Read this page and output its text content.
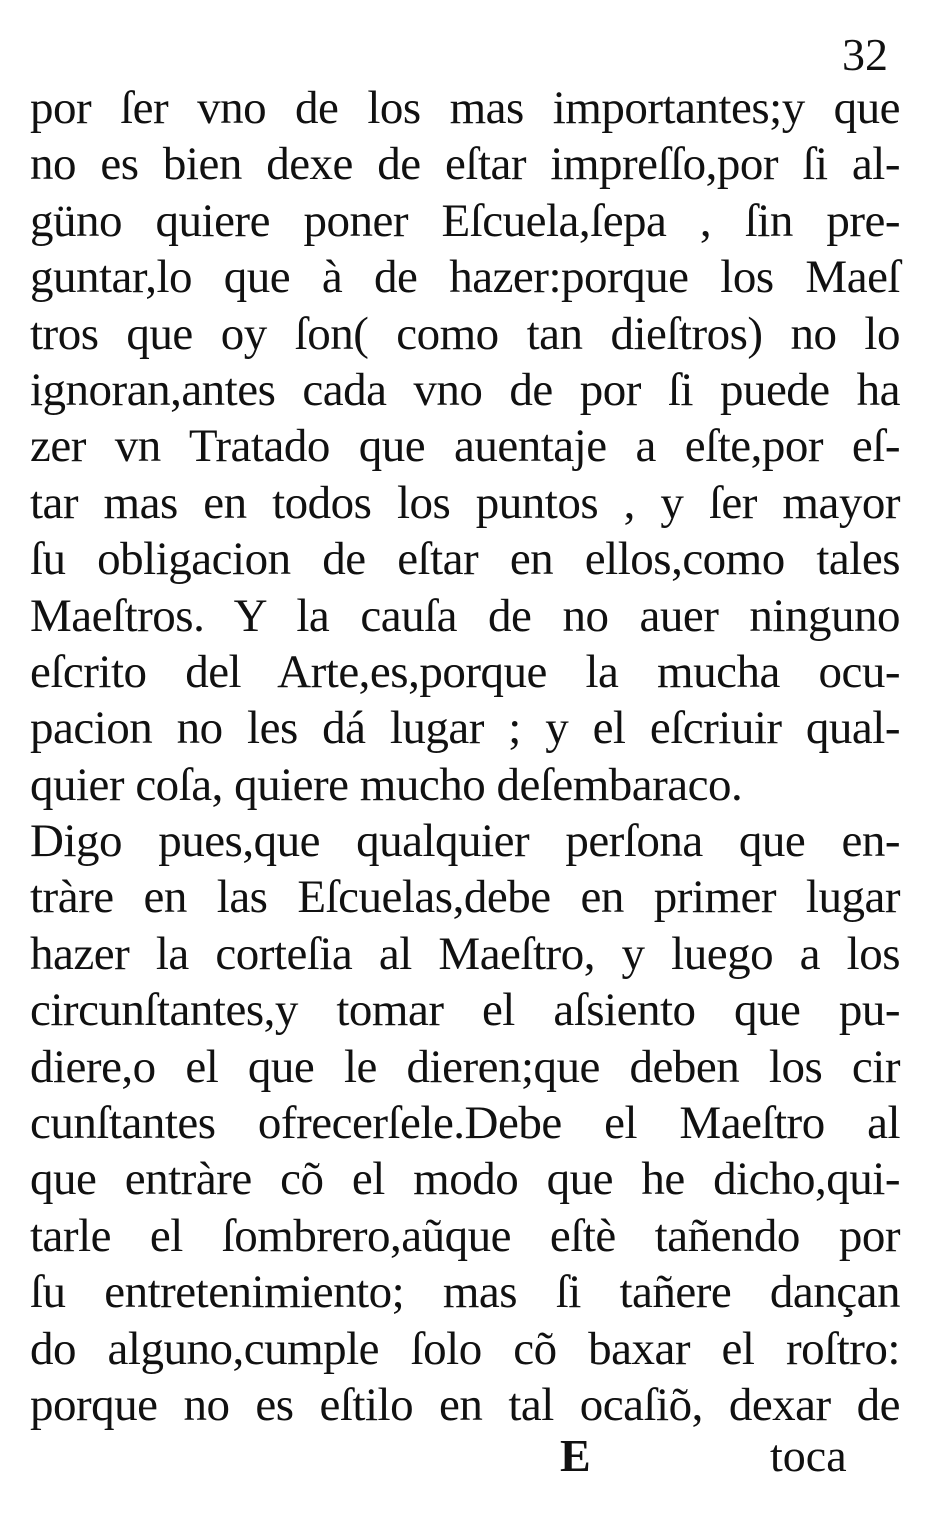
32
por ſer vno de los mas importantes;y que
no es bien dexe de eſtar impreſſo,por ſi al-
güno quiere poner Eſcuela,ſepa , ſin pre-
guntar,lo que à de hazer:porque los Maeſ
tros que oy ſon( como tan dieſtros) no lo
ignoran,antes cada vno de por ſi puede ha
zer vn Tratado que auentaje a eſte,por eſ-
tar mas en todos los puntos , y ſer mayor
ſu obligacion de eſtar en ellos,como tales
Maeſtros. Y la cauſa de no auer ninguno
eſcrito del Arte,es,porque la mucha ocu-
pacion no les dá lugar ; y el eſcriuir qual-
quier coſa, quiere mucho deſembaraco.
Digo pues,que qualquier perſona que en-
tràre en las Eſcuelas,debe en primer lugar
hazer la corteſia al Maeſtro, y luego a los
circunſtantes,y tomar el aſsiento que pu-
diere,o el que le dieren;que deben los cir
cunſtantes ofrecerſele.Debe el Maeſtro al
que entràre cõ el modo que he dicho,qui-
tarle el ſombrero,aũque eſtè tañendo por
ſu entretenimiento; mas ſi tañere dançan
do alguno,cumple ſolo cõ baxar el roſtro:
porque no es eſtilo en tal ocaſiõ, dexar de
E	toca
